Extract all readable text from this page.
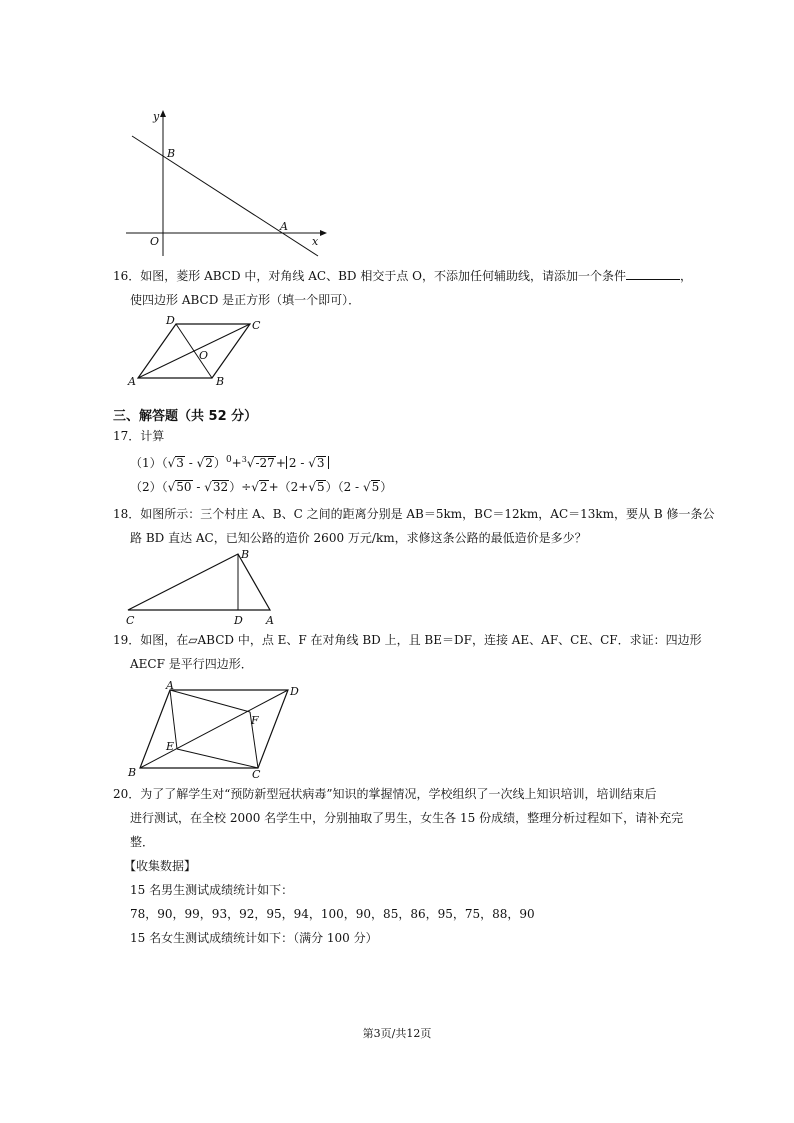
y
B
O
A
x
16．如图，菱形 ABCD 中，对角线 AC、BD 相交于点 O，不添加任何辅助线，请添加一个条件	，
使四边形 ABCD 是正方形（填一个即可）．
D	C
O
A	B
三、解答题（共 52 分）
17．计算
（1）（√3 - √2）$^0$+$^3$√-27+ 2 - √3
（2）（√50 - √32）÷√2+（2+√5）（2 - √5）
18．如图所示：三个村庄 A、B、C 之间的距离分别是 AB＝5km，BC＝12km，AC＝13km，要从 B 修一条公
路 BD 直达 AC，已知公路的造价 2600 万元/km，求修这条公路的最低造价是多少？
B
C	D A
19．如图，在▱ABCD 中，点 E、F 在对角线 BD 上，且 BE＝DF，连接 AE、AF、CE、CF．求证：四边形
AECF 是平行四边形．
A	D
F
E
B	C
20．为了了解学生对“预防新型冠状病毒”知识的掌握情况，学校组织了一次线上知识培训，培训结束后
进行测试，在全校 2000 名学生中，分别抽取了男生，女生各 15 份成绩，整理分析过程如下，请补充完
整．
【收集数据】
15 名男生测试成绩统计如下：
78，90，99，93，92，95，94，100，90，85，86，95，75，88，90
15 名女生测试成绩统计如下：（满分 100 分）
第3页/共12页
